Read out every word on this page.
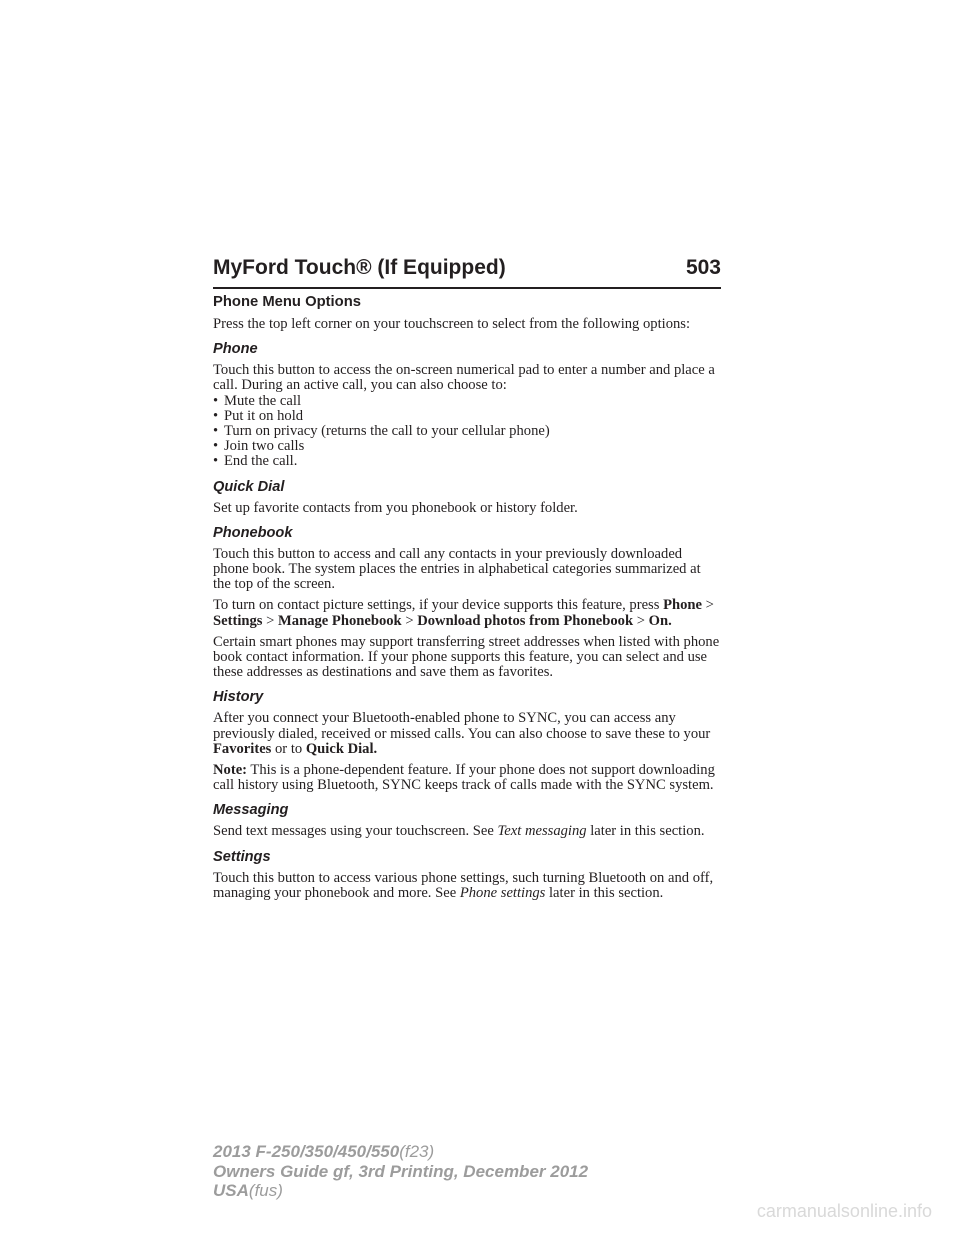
MyFord Touch® (If Equipped)	503
Phone Menu Options

Press the top left corner on your touchscreen to select from the following options:

Phone

Touch this button to access the on-screen numerical pad to enter a number and place a call. During an active call, you can also choose to:

• Mute the call
• Put it on hold
• Turn on privacy (returns the call to your cellular phone)
• Join two calls
• End the call.
Quick Dial

Set up favorite contacts from you phonebook or history folder.

Phonebook

Touch this button to access and call any contacts in your previously downloaded phone book. The system places the entries in alphabetical categories summarized at the top of the screen.

To turn on contact picture settings, if your device supports this feature, press Phone > Settings > Manage Phonebook > Download photos from Phonebook > On.

Certain smart phones may support transferring street addresses when listed with phone book contact information. If your phone supports this feature, you can select and use these addresses as destinations and save them as favorites.

History

After you connect your Bluetooth-enabled phone to SYNC, you can access any previously dialed, received or missed calls. You can also choose to save these to your Favorites or to Quick Dial.

Note: This is a phone-dependent feature. If your phone does not support downloading call history using Bluetooth, SYNC keeps track of calls made with the SYNC system.

Messaging

Send text messages using your touchscreen. See Text messaging later in this section.

Settings

Touch this button to access various phone settings, such turning Bluetooth on and off, managing your phonebook and more. See Phone settings later in this section.

2013 F-250/350/450/550(f23)
Owners Guide gf, 3rd Printing, December 2012
USA(fus)
carmanualsonline.info
